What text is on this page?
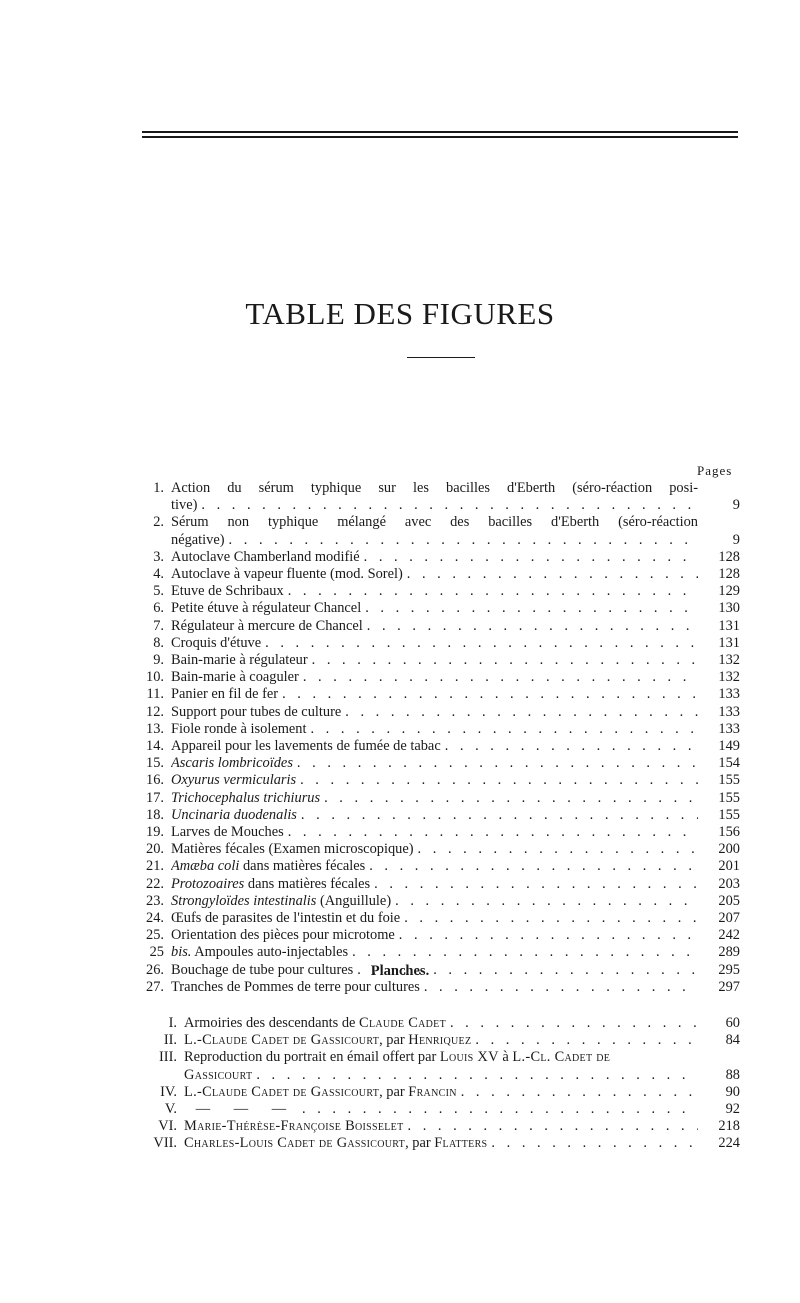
TABLE DES FIGURES
Pages
1. Action du sérum typhique sur les bacilles d'Eberth (séro-réaction posi-
tive) . . .	9
2. Sérum non typhique mélangé avec des bacilles d'Eberth (séro-réaction
négative) . . .	9
3. Autoclave Chamberland modifié . . .	128
4. Autoclave à vapeur fluente (mod. Sorel) . . .	128
5. Etuve de Schribaux . . .	129
6. Petite étuve à régulateur Chancel . . .	130
7. Régulateur à mercure de Chancel . . .	131
8. Croquis d'étuve . . .	131
9. Bain-marie à régulateur . . .	132
10. Bain-marie à coaguler . . .	132
11. Panier en fil de fer . . .	133
12. Support pour tubes de culture . . .	133
13. Fiole ronde à isolement . . .	133
14. Appareil pour les lavements de fumée de tabac . . .	149
15. Ascaris lombricoïdes . . .	154
16. Oxyurus vermicularis . . .	155
17. Trichocephalus trichiurus . . .	155
18. Uncinaria duodenalis . . .	155
19. Larves de Mouches . . .	156
20. Matières fécales (Examen microscopique) . . .	200
21. Amæba coli dans matières fécales . . .	201
22. Protozoaires dans matières fécales . . .	203
23. Strongyloïdes intestinalis (Anguillule) . . .	205
24. Œufs de parasites de l'intestin et du foie . . .	207
25. Orientation des pièces pour microtome . . .	242
25 bis. Ampoules auto-injectables . . .	289
26. Bouchage de tube pour cultures . . .	295
27. Tranches de Pommes de terre pour cultures . . .	297
Planches.
I. Armoiries des descendants de Claude Cadet . . .	60
II. L.-Claude Cadet de Gassicourt , par Henriquez . . .	84
III. Reproduction du portrait en émail offert par Louis XV à L.-Cl. Cadet de
Gassicourt . . .	88
IV. L.-Claude Cadet de Gassicourt , par Francin . . .	90
V.	—	—	— . . .	92
VI. Marie-Thérèse-Françoise Boisselet . . .	218
VII. Charles-Louis Cadet de Gassicourt , par Flatters . . .	224
